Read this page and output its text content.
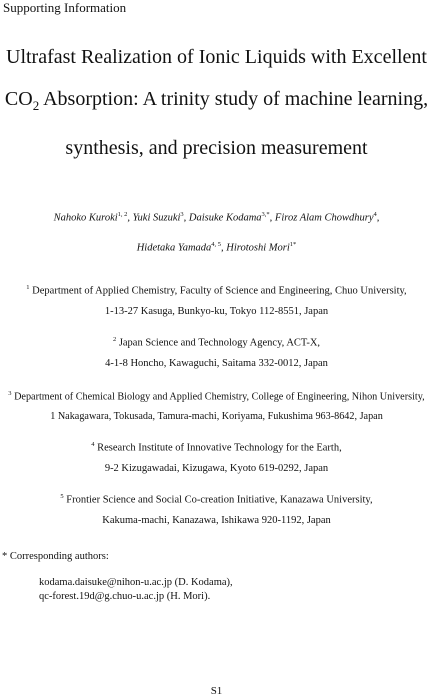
Supporting Information
Ultrafast Realization of Ionic Liquids with Excellent
$CO_2$ Absorption: A trinity study of machine learning,
synthesis, and precision measurement
Nahoko Kuroki$^{1, 2}$, Yuki Suzuki$^3$, Daisuke Kodama$^{3,*}$, Firoz Alam Chowdhury$^4$,
Hidetaka Yamada$^{4, 5}$, Hirotoshi Mori$^{1*}$
$^1$ Department of Applied Chemistry, Faculty of Science and Engineering, Chuo University,
1-13-27 Kasuga, Bunkyo-ku, Tokyo 112-8551, Japan
$^2$ Japan Science and Technology Agency, ACT-X,
4-1-8 Honcho, Kawaguchi, Saitama 332-0012, Japan
$^3$ Department of Chemical Biology and Applied Chemistry, College of Engineering, Nihon University,
1 Nakagawara, Tokusada, Tamura-machi, Koriyama, Fukushima 963-8642, Japan
$^4$ Research Institute of Innovative Technology for the Earth,
9-2 Kizugawadai, Kizugawa, Kyoto 619-0292, Japan
$^5$ Frontier Science and Social Co-creation Initiative, Kanazawa University,
Kakuma-machi, Kanazawa, Ishikawa 920-1192, Japan
* Corresponding authors:
kodama.daisuke@nihon-u.ac.jp (D. Kodama),
qc-forest.19d@g.chuo-u.ac.jp (H. Mori).
S1
